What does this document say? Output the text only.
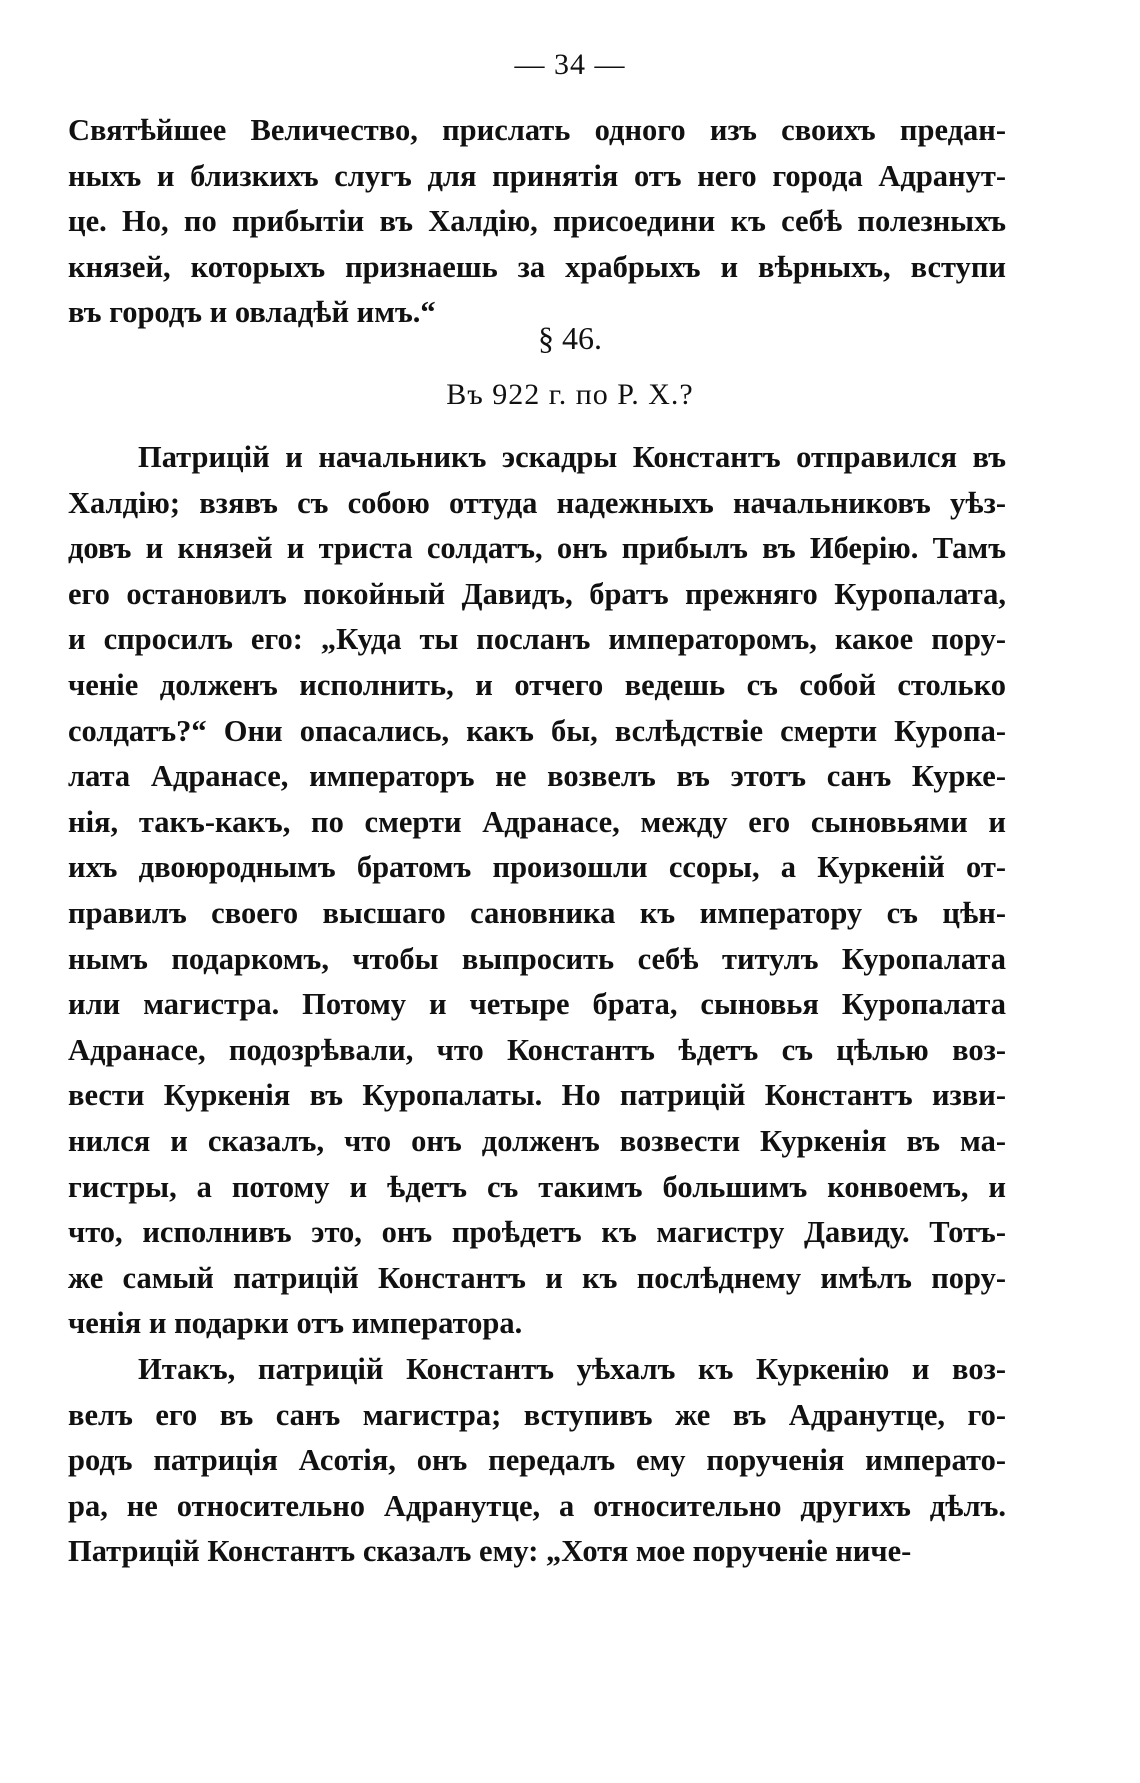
— 34 —
Святѣйшее Величество, прислать одного изъ своихъ предан-
ныхъ и близкихъ слугъ для принятія отъ него города Адранут-
це. Но, по прибытіи въ Халдію, присоедини къ себѣ полезныхъ
князей, которыхъ признаешь за храбрыхъ и вѣрныхъ, вступи
въ городъ и овладѣй имъ.“
§ 46.
Въ 922 г. по Р. Х.?
Патрицій и начальникъ эскадры Константъ отправился въ
Халдію; взявъ съ собою оттуда надежныхъ начальниковъ уѣз-
довъ и князей и триста солдатъ, онъ прибылъ въ Иберію. Тамъ
его остановилъ покойный Давидъ, братъ прежняго Куропалата,
и спросилъ его: „Куда ты посланъ императоромъ, какое пору-
ченіе долженъ исполнить, и отчего ведешь съ собой столько
солдатъ?“ Они опасались, какъ бы, вслѣдствіе смерти Куропа-
лата Адранасе, императоръ не возвелъ въ этотъ санъ Курке-
нія, такъ-какъ, по смерти Адранасе, между его сыновьями и
ихъ двоюроднымъ братомъ произошли ссоры, а Куркеній от-
правилъ своего высшаго сановника къ императору съ цѣн-
нымъ подаркомъ, чтобы выпросить себѣ титулъ Куропалата
или магистра. Потому и четыре брата, сыновья Куропалата
Адранасе, подозрѣвали, что Константъ ѣдетъ съ цѣлью воз-
вести Куркенія въ Куропалаты. Но патрицій Константъ изви-
нился и сказалъ, что онъ долженъ возвести Куркенія въ ма-
гистры, а потому и ѣдетъ съ такимъ большимъ конвоемъ, и
что, исполнивъ это, онъ проѣдетъ къ магистру Давиду. Тотъ-
же самый патрицій Константъ и къ послѣднему имѣлъ пору-
ченія и подарки отъ императора.
Итакъ, патрицій Константъ уѣхалъ къ Куркенію и воз-
велъ его въ санъ магистра; вступивъ же въ Адранутце, го-
родъ патриція Асотія, онъ передалъ ему порученія императо-
ра, не относительно Адранутце, а относительно другихъ дѣлъ.
Патрицій Константъ сказалъ ему: „Хотя мое порученіе ниче-
